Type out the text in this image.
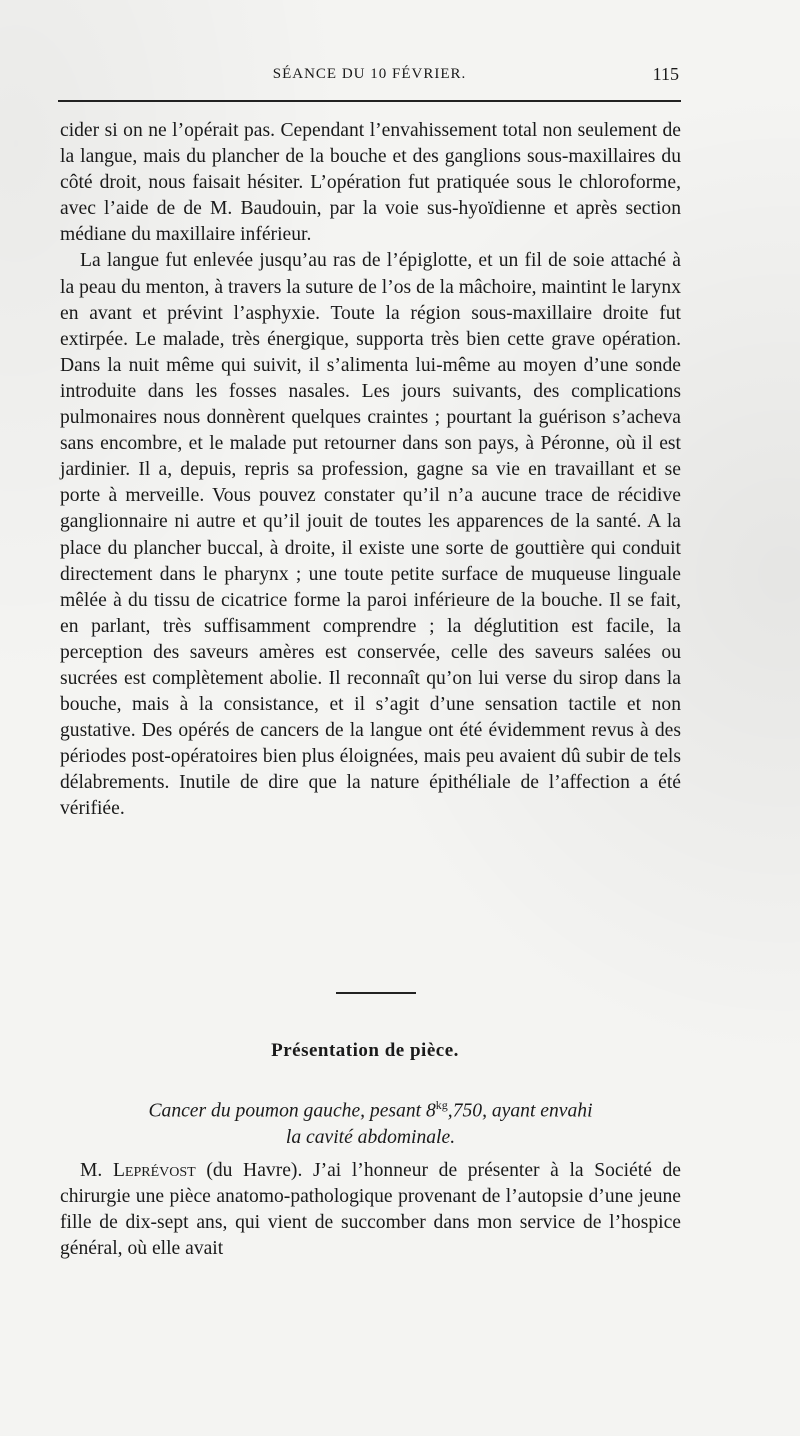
SÉANCE DU 10 FÉVRIER.	115

cider si on ne l’opérait pas. Cependant l’envahissement total non seulement de la langue, mais du plancher de la bouche et des ganglions sous-maxillaires du côté droit, nous faisait hésiter. L’opération fut pratiquée sous le chloroforme, avec l’aide de de M. Baudouin, par la voie sus-hyoïdienne et après section médiane du maxillaire inférieur.

La langue fut enlevée jusqu’au ras de l’épiglotte, et un fil de soie attaché à la peau du menton, à travers la suture de l’os de la mâchoire, maintint le larynx en avant et prévint l’asphyxie. Toute la région sous-maxillaire droite fut extirpée. Le malade, très énergique, supporta très bien cette grave opération. Dans la nuit même qui suivit, il s’alimenta lui-même au moyen d’une sonde introduite dans les fosses nasales. Les jours suivants, des complications pulmonaires nous donnèrent quelques craintes ; pourtant la guérison s’acheva sans encombre, et le malade put retourner dans son pays, à Péronne, où il est jardinier. Il a, depuis, repris sa profession, gagne sa vie en travaillant et se porte à merveille. Vous pouvez constater qu’il n’a aucune trace de récidive ganglionnaire ni autre et qu’il jouit de toutes les apparences de la santé. A la place du plancher buccal, à droite, il existe une sorte de gouttière qui conduit directement dans le pharynx ; une toute petite surface de muqueuse linguale mêlée à du tissu de cicatrice forme la paroi inférieure de la bouche. Il se fait, en parlant, très suffisamment comprendre ; la déglutition est facile, la perception des saveurs amères est conservée, celle des saveurs salées ou sucrées est complètement abolie. Il reconnaît qu’on lui verse du sirop dans la bouche, mais à la consistance, et il s’agit d’une sensation tactile et non gustative. Des opérés de cancers de la langue ont été évidemment revus à des périodes post-opératoires bien plus éloignées, mais peu avaient dû subir de tels délabrements. Inutile de dire que la nature épithéliale de l’affection a été vérifiée.

Présentation de pièce.
Cancer du poumon gauche, pesant $8^{kg},750$, ayant envahi
la cavité abdominale.
M. Leprévost (du Havre). J’ai l’honneur de présenter à la Société de chirurgie une pièce anatomo-pathologique provenant de l’autopsie d’une jeune fille de dix-sept ans, qui vient de succomber dans mon service de l’hospice général, où elle avait
